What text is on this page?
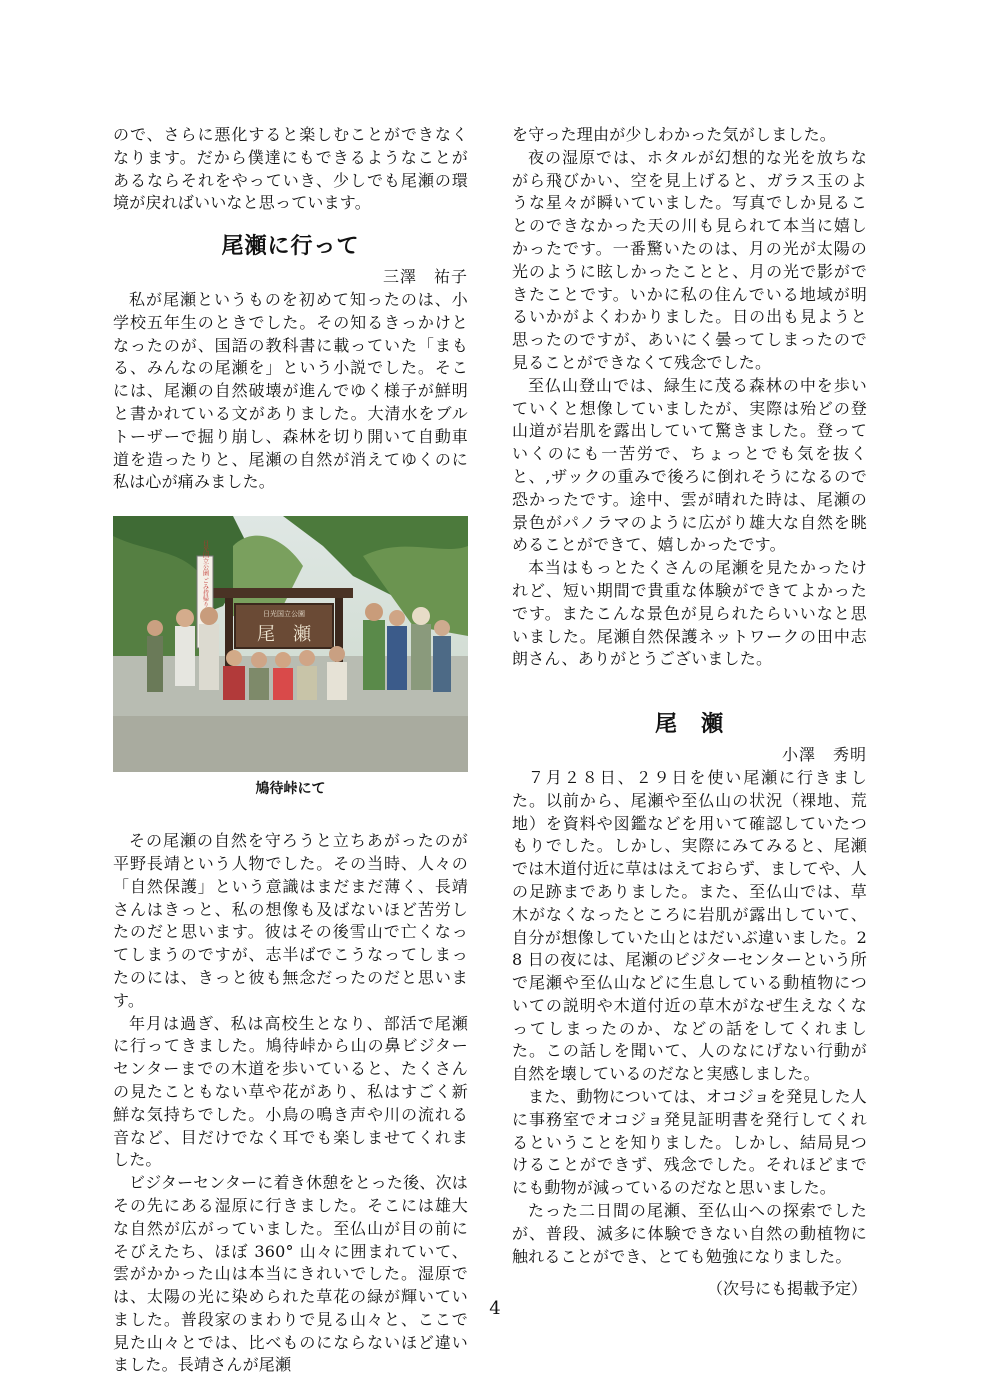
ので、さらに悪化すると楽しむことができなくなります。だから僕達にもできるようなことがあるならそれをやっていき、少しでも尾瀬の環境が戻ればいいなと思っています。

尾瀬に行って

三澤　祐子

私が尾瀬というものを初めて知ったのは、小学校五年生のときでした。その知るきっかけとなったのが、国語の教科書に載っていた「まもる、みんなの尾瀬を」という小説でした。そこには、尾瀬の自然破壊が進んでゆく様子が鮮明と書かれている文がありました。大清水をブルトーザーで掘り崩し、森林を切り開いて自動車道を造ったりと、尾瀬の自然が消えてゆくのに私は心が痛みました。

日光国立公園
尾　瀬
日光国立公園 ごみ持帰り
鳩待峠にて

その尾瀬の自然を守ろうと立ちあがったのが平野長靖という人物でした。その当時、人々の「自然保護」という意識はまだまだ薄く、長靖さんはきっと、私の想像も及ばないほど苦労したのだと思います。彼はその後雪山で亡くなってしまうのですが、志半ばでこうなってしまったのには、きっと彼も無念だったのだと思います。

年月は過ぎ、私は高校生となり、部活で尾瀬に行ってきました。鳩待峠から山の鼻ビジターセンターまでの木道を歩いていると、たくさんの見たこともない草や花があり、私はすごく新鮮な気持ちでした。小鳥の鳴き声や川の流れる音など、目だけでなく耳でも楽しませてくれました。

ビジターセンターに着き休憩をとった後、次はその先にある湿原に行きました。そこには雄大な自然が広がっていました。至仏山が目の前にそびえたち、ほぼ 360° 山々に囲まれていて、雲がかかった山は本当にきれいでした。湿原では、太陽の光に染められた草花の緑が輝いていました。普段家のまわりで見る山々と、ここで見た山々とでは、比べものにならないほど違いました。長靖さんが尾瀬

を守った理由が少しわかった気がしました。

夜の湿原では、ホタルが幻想的な光を放ちながら飛びかい、空を見上げると、ガラス玉のような星々が瞬いていました。写真でしか見ることのできなかった天の川も見られて本当に嬉しかったです。一番驚いたのは、月の光が太陽の光のように眩しかったことと、月の光で影ができたことです。いかに私の住んでいる地域が明るいかがよくわかりました。日の出も見ようと思ったのですが、あいにく曇ってしまったので見ることができなくて残念でした。

至仏山登山では、緑生に茂る森林の中を歩いていくと想像していましたが、実際は殆どの登山道が岩肌を露出していて驚きました。登っていくのにも一苦労で、ちょっとでも気を抜くと、,ザックの重みで後ろに倒れそうになるので恐かったです。途中、雲が晴れた時は、尾瀬の景色がパノラマのように広がり雄大な自然を眺めることができて、嬉しかったです。

本当はもっとたくさんの尾瀬を見たかったけれど、短い期間で貴重な体験ができてよかったです。またこんな景色が見られたらいいなと思いました。尾瀬自然保護ネットワークの田中志朗さん、ありがとうございました。

尾　瀬

小澤　秀明

７月２８日、２９日を使い尾瀬に行きました。以前から、尾瀬や至仏山の状況（裸地、荒地）を資料や図鑑などを用いて確認していたつもりでした。しかし、実際にみてみると、尾瀬では木道付近に草ははえておらず、ましてや、人の足跡までありました。また、至仏山では、草木がなくなったところに岩肌が露出していて、自分が想像していた山とはだいぶ違いました。28 日の夜には、尾瀬のビジターセンターという所で尾瀬や至仏山などに生息している動植物についての説明や木道付近の草木がなぜ生えなくなってしまったのか、などの話をしてくれました。この話しを聞いて、人のなにげない行動が自然を壊しているのだなと実感しました。

また、動物については、オコジョを発見した人に事務室でオコジョ発見証明書を発行してくれるということを知りました。しかし、結局見つけることができず、残念でした。それほどまでにも動物が減っているのだなと思いました。

たった二日間の尾瀬、至仏山への探索でしたが、普段、滅多に体験できない自然の動植物に触れることができ、とても勉強になりました。

（次号にも掲載予定）

4
